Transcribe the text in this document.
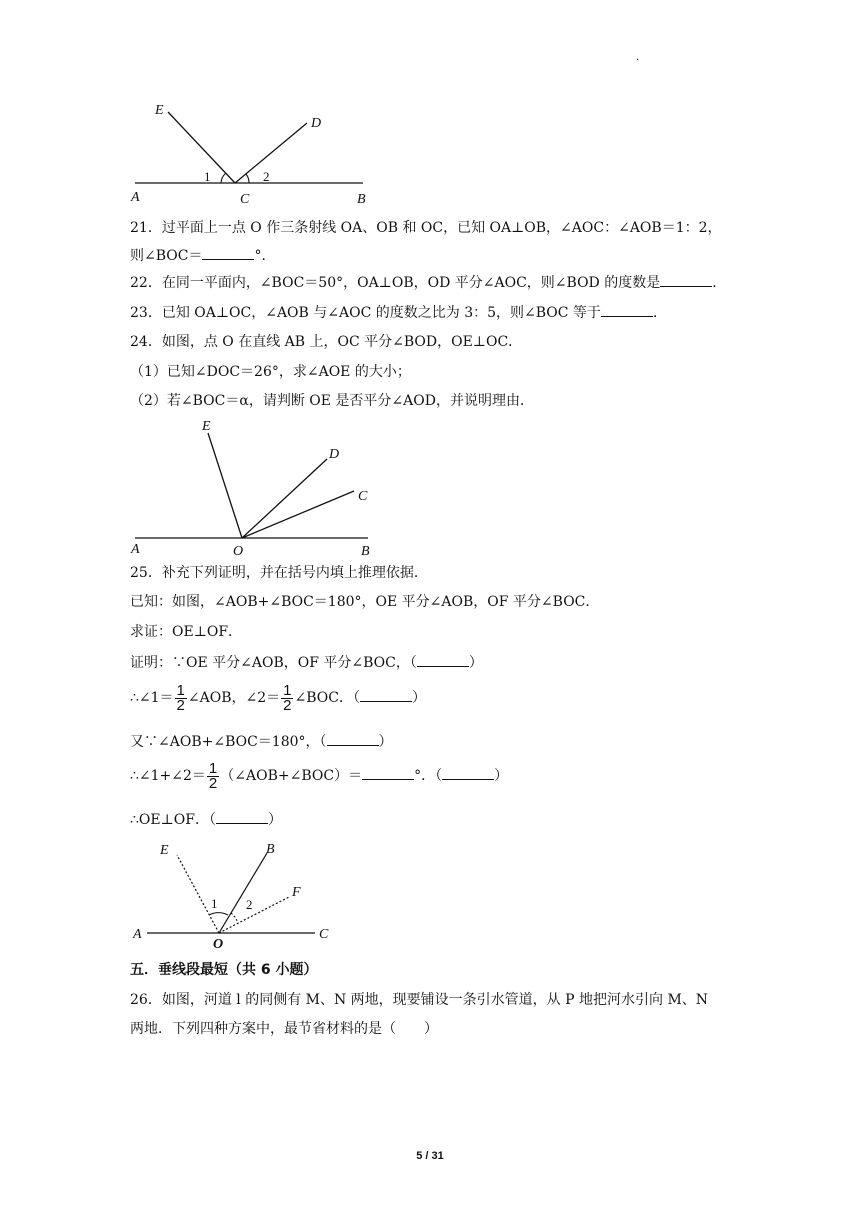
.
E
D
A	C	B
1	2
21．过平面上一点 O 作三条射线 OA、OB 和 OC，已知 OA⊥OB，∠AOC：∠AOB＝1：2，
则∠BOC＝	°．
22．在同一平面内，∠BOC＝50°，OA⊥OB，OD 平分∠AOC，则∠BOD 的度数是	．
23．已知 OA⊥OC，∠AOB 与∠AOC 的度数之比为 3：5，则∠BOC 等于	．
24．如图，点 O 在直线 AB 上，OC 平分∠BOD，OE⊥OC．
（1）已知∠DOC＝26°，求∠AOE 的大小；
（2）若∠BOC＝α，请判断 OE 是否平分∠AOD，并说明理由．
E
D
C
A	O	B
25．补充下列证明，并在括号内填上推理依据．
已知：如图，∠AOB+∠BOC＝180°，OE 平分∠AOB，OF 平分∠BOC．
求证：OE⊥OF．
证明：∵OE 平分∠AOB，OF 平分∠BOC，（	）
∴∠1＝ $\frac{1}{2}$ ∠AOB，∠2＝ $\frac{1}{2}$ ∠BOC．（	）
又∵∠AOB+∠BOC＝180°，（	）
∴∠1+∠2＝ $\frac{1}{2}$ （∠AOB+∠BOC）＝	°．（	）
∴OE⊥OF．（	）
E	B
F
A
O
C
1 2
五．垂线段最短（共 6 小题）
26．如图，河道 l 的同侧有 M、N 两地，现要铺设一条引水管道，从 P 地把河水引向 M、N
两地．下列四种方案中，最节省材料的是（　　）
5 / 31
